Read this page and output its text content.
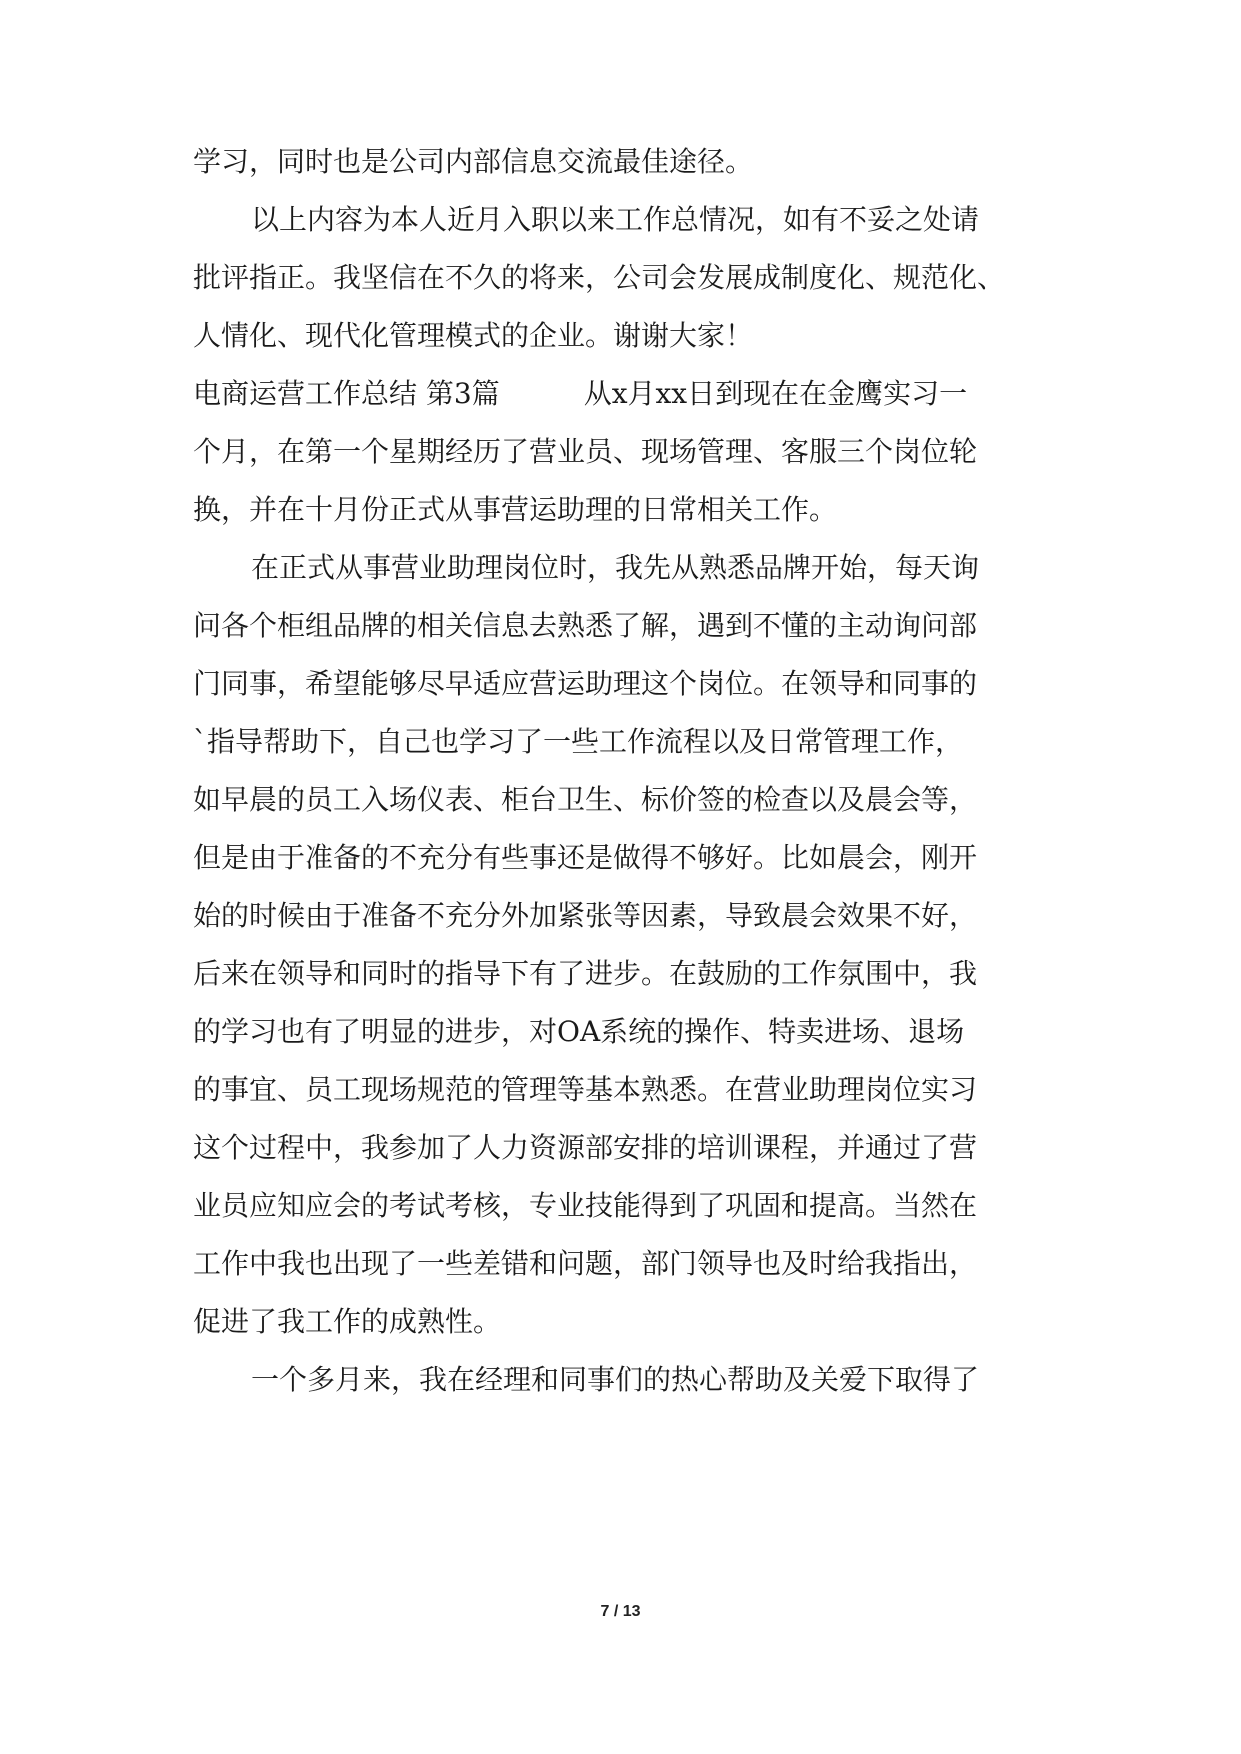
学习，同时也是公司内部信息交流最佳途径。
以上内容为本人近月入职以来工作总情况，如有不妥之处请
批评指正。我坚信在不久的将来，公司会发展成制度化、规范化、
人情化、现代化管理模式的企业。谢谢大家！
电商运营工作总结 第3篇　　　从x月xx日到现在在金鹰实习一
个月，在第一个星期经历了营业员、现场管理、客服三个岗位轮
换，并在十月份正式从事营运助理的日常相关工作。
在正式从事营业助理岗位时，我先从熟悉品牌开始，每天询
问各个柜组品牌的相关信息去熟悉了解，遇到不懂的主动询问部
门同事，希望能够尽早适应营运助理这个岗位。在领导和同事的
`指导帮助下，自己也学习了一些工作流程以及日常管理工作，
如早晨的员工入场仪表、柜台卫生、标价签的检查以及晨会等，
但是由于准备的不充分有些事还是做得不够好。比如晨会，刚开
始的时候由于准备不充分外加紧张等因素，导致晨会效果不好，
后来在领导和同时的指导下有了进步。在鼓励的工作氛围中，我
的学习也有了明显的进步，对OA系统的操作、特卖进场、退场
的事宜、员工现场规范的管理等基本熟悉。在营业助理岗位实习
这个过程中，我参加了人力资源部安排的培训课程，并通过了营
业员应知应会的考试考核，专业技能得到了巩固和提高。当然在
工作中我也出现了一些差错和问题，部门领导也及时给我指出，
促进了我工作的成熟性。
一个多月来，我在经理和同事们的热心帮助及关爱下取得了
7 / 13
